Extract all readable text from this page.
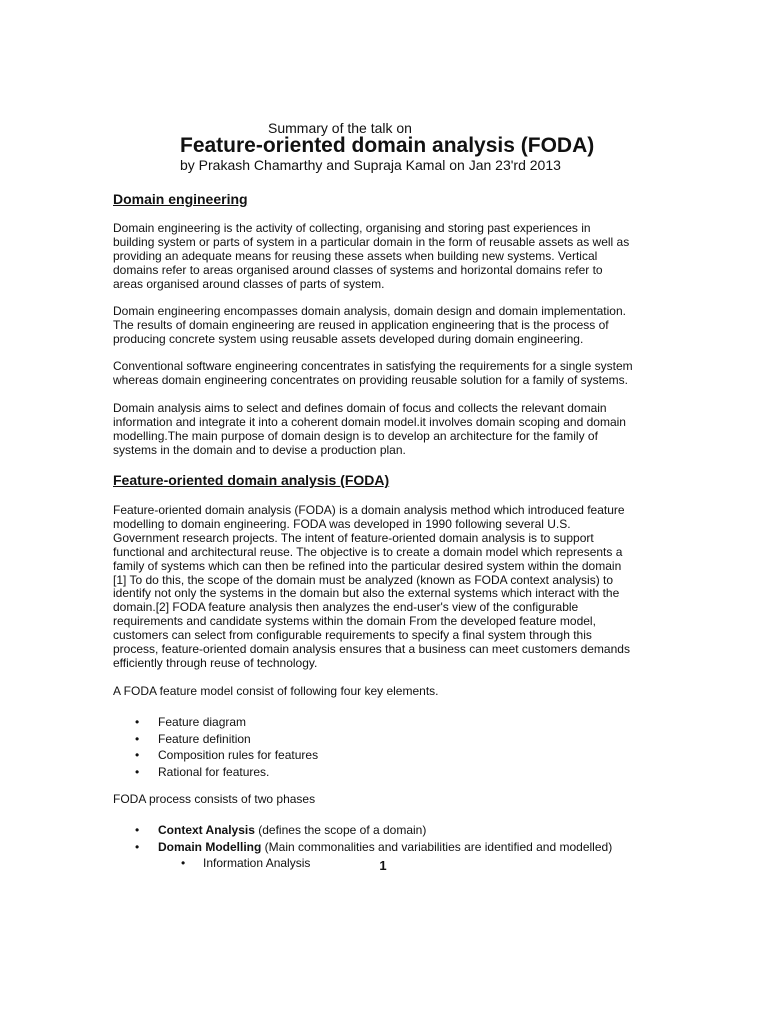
Summary of the talk on
Feature-oriented domain analysis (FODA)
by Prakash Chamarthy and Supraja Kamal on Jan 23'rd 2013
Domain engineering

Domain engineering is the activity of collecting, organising and storing past experiences in

building system or parts of system in a particular domain in the form of reusable assets as well as

providing an adequate means for reusing these assets when building new systems. Vertical

domains refer to areas organised around classes of systems and horizontal domains refer to

areas organised around classes of parts of system.

Domain engineering encompasses domain analysis, domain design and domain implementation.

The results of domain engineering are reused in application engineering that is the process of

producing concrete system using reusable assets developed during domain engineering.

Conventional software engineering concentrates in satisfying the requirements for a single system

whereas domain engineering concentrates on providing reusable solution for a family of systems.

Domain analysis aims to select and defines domain of focus and collects the relevant domain

information and integrate it into a coherent domain model.it involves domain scoping and domain

modelling.The main purpose of domain design is to develop an architecture for the family of

systems in the domain and to devise a production plan.

Feature-oriented domain analysis (FODA)

Feature-oriented domain analysis (FODA) is a domain analysis method which introduced feature

modelling to domain engineering. FODA was developed in 1990 following several U.S.

Government research projects. The intent of feature-oriented domain analysis is to support

functional and architectural reuse. The objective is to create a domain model which represents a

family of systems which can then be refined into the particular desired system within the domain

[1] To do this, the scope of the domain must be analyzed (known as FODA context analysis) to

identify not only the systems in the domain but also the external systems which interact with the

domain.[2] FODA feature analysis then analyzes the end-user's view of the configurable

requirements and candidate systems within the domain From the developed feature model,

customers can select from configurable requirements to specify a final system through this

process, feature-oriented domain analysis ensures that a business can meet customers demands

efficiently through reuse of technology.

A FODA feature model consist of following four key elements.

• Feature diagram
• Feature definition
• Composition rules for features
• Rational for features.

FODA process consists of two phases

• Context Analysis (defines the scope of a domain)
• Domain Modelling (Main commonalities and variabilities are identified and modelled)
• Information Analysis	1
